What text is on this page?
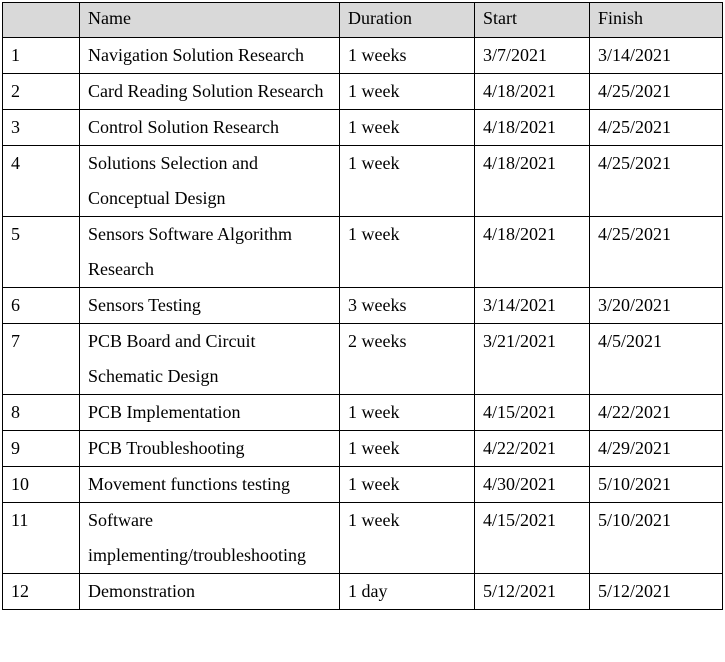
	Name	Duration	Start	Finish
1	Navigation Solution Research	1 weeks	3/7/2021	3/14/2021
2	Card Reading Solution Research	1 week	4/18/2021	4/25/2021
3	Control Solution Research	1 week	4/18/2021	4/25/2021
4	Solutions Selection and Conceptual Design	1 week	4/18/2021	4/25/2021
5	Sensors Software Algorithm Research	1 week	4/18/2021	4/25/2021
6	Sensors Testing	3 weeks	3/14/2021	3/20/2021
7	PCB Board and Circuit Schematic Design	2 weeks	3/21/2021	4/5/2021
8	PCB Implementation	1 week	4/15/2021	4/22/2021
9	PCB Troubleshooting	1 week	4/22/2021	4/29/2021
10	Movement functions testing	1 week	4/30/2021	5/10/2021
11	Software implementing/troubleshooting	1 week	4/15/2021	5/10/2021
12	Demonstration	1 day	5/12/2021	5/12/2021
